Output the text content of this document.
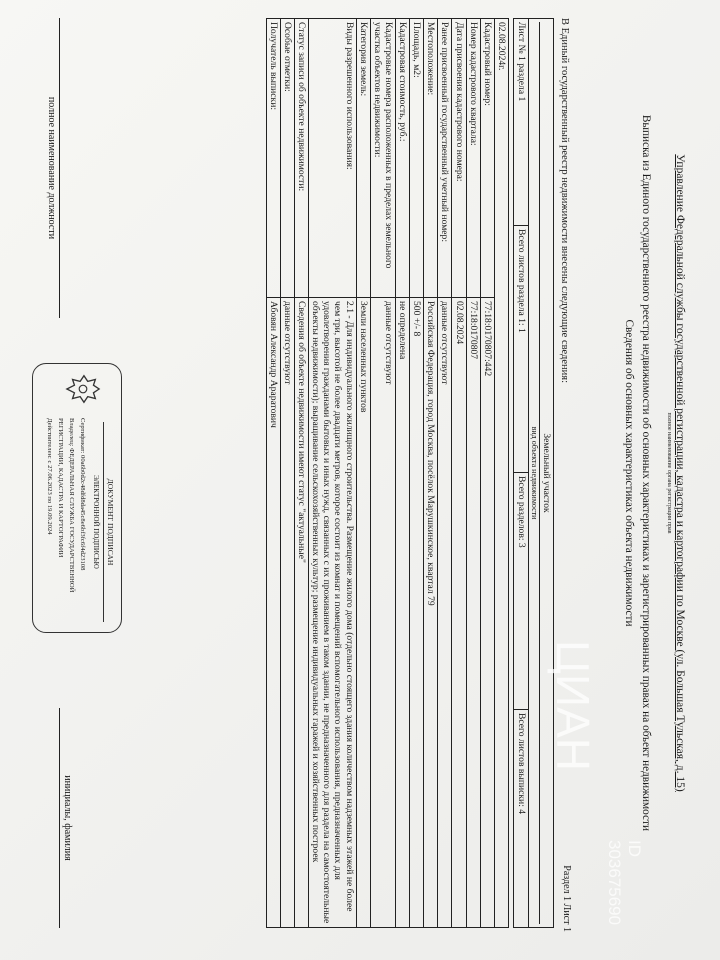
Управление Федеральной службы государственной регистрации, кадастра и картографии по Москве (ул. Большая Тульская, д. 15)
полное наименование органа регистрации прав
Выписка из Единого государственного реестра недвижимости об основных характеристиках и зарегистрированных правах на объект недвижимости
Сведения об основных характеристиках объекта недвижимости
Раздел 1 Лист 1
В Единый государственный реестр недвижимости внесены следующие сведения:
Земельный участок
вид объекта недвижимости

Лист № 1 раздела 1	Всего листов раздела 1: 1	Всего разделов: 3	Всего листов выписки: 4
02.08.2024г.	
Кадастровый номер:	77:18:0170807:442
Номер кадастрового квартала:	77:18:0170807
Дата присвоения кадастрового номера:	02.08.2024
Ранее присвоенный государственный учетный номер:	данные отсутствуют
Местоположение:	Российская Федерация, город Москва, посёлок Марушкинское, квартал 79
Площадь, м2:	500 +/- 8
Кадастровая стоимость, руб.:	не определена
Кадастровые номера расположенных в пределах земельного участка объектов недвижимости:	данные отсутствуют
Категория земель:	Земли населенных пунктов
Виды разрешенного использования:	2.1 - Для индивидуального жилищного строительства. Размещение жилого дома (отдельно стоящего здания количеством надземных этажей не более чем три, высотой не более двадцати метров, которое состоит из комнат и помещений вспомогательного использования, предназначенных для удовлетворения гражданами бытовых и иных нужд, связанных с их проживанием в таком здании, не предназначенного для раздела на самостоятельные объекты недвижимости); выращивание сельскохозяйственных культур; размещение индивидуальных гаражей и хозяйственных построек
Статус записи об объекте недвижимости:	Сведения об объекте недвижимости имеют статус "актуальные"
Особые отметки:	данные отсутствуют
Получатель выписки:	Абовян Александр Араратович
полное наименование должности
инициалы, фамилия
ДОКУМЕНТ ПОДПИСАН
ЭЛЕКТРОННОЙ ПОДПИСЬЮ
Сертификат: 00a6b0d2c48dfd8da45c8e6bf3fc6f4d23108
Владелец: ФЕДЕРАЛЬНАЯ СЛУЖБА ГОСУДАРСТВЕННОЙ
РЕГИСТРАЦИИ, КАДАСТРА И КАРТОГРАФИИ
Действителен: с 27.06.2023 по 19.09.2024
ЦИАН
ID 303675690
